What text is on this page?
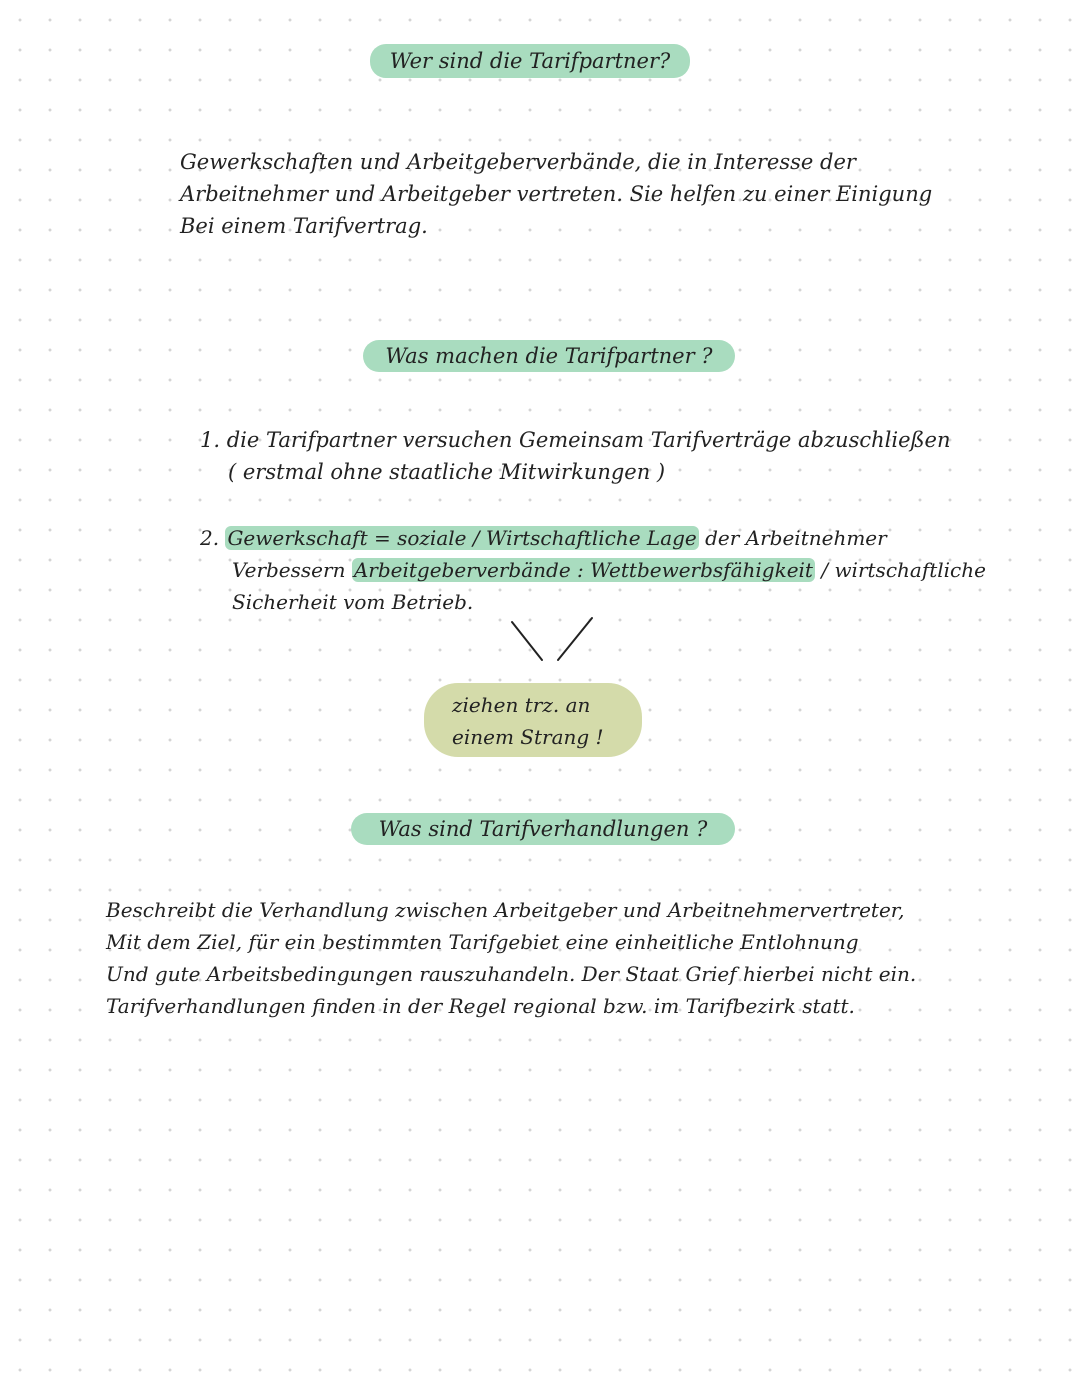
Wer sind die Tarifpartner?
Gewerkschaften und Arbeitgeberverbände, die in Interesse der
Arbeitnehmer und Arbeitgeber vertreten. Sie helfen zu einer Einigung
Bei einem Tarifvertrag.
Was machen die Tarifpartner ?
1. die Tarifpartner versuchen Gemeinsam Tarifverträge abzuschließen
( erstmal ohne staatliche Mitwirkungen )
2. Gewerkschaft = soziale / Wirtschaftliche Lage der Arbeitnehmer
Verbessern Arbeitgeberverbände : Wettbewerbsfähigkeit / wirtschaftliche
Sicherheit vom Betrieb.
ziehen trz. an
einem Strang !
Was sind Tarifverhandlungen ?
Beschreibt die Verhandlung zwischen Arbeitgeber und Arbeitnehmervertreter,
Mit dem Ziel, für ein bestimmten Tarifgebiet eine einheitliche Entlohnung
Und gute Arbeitsbedingungen rauszuhandeln. Der Staat Grief hierbei nicht ein.
Tarifverhandlungen finden in der Regel regional bzw. im Tarifbezirk statt.
